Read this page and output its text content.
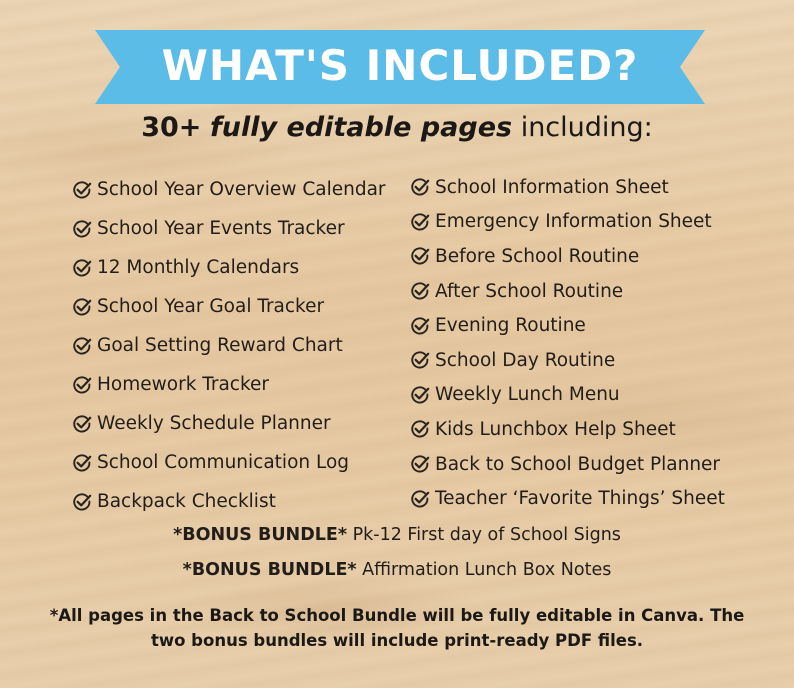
WHAT'S INCLUDED?
30+ fully editable pages including:
School Year Overview Calendar
School Year Events Tracker
12 Monthly Calendars
School Year Goal Tracker
Goal Setting Reward Chart
Homework Tracker
Weekly Schedule Planner
School Communication Log
Backpack Checklist
School Information Sheet
Emergency Information Sheet
Before School Routine
After School Routine
Evening Routine
School Day Routine
Weekly Lunch Menu
Kids Lunchbox Help Sheet
Back to School Budget Planner
Teacher ‘Favorite Things’ Sheet
*BONUS BUNDLE* Pk-12 First day of School Signs
*BONUS BUNDLE* Affirmation Lunch Box Notes
*All pages in the Back to School Bundle will be fully editable in Canva. The
two bonus bundles will include print-ready PDF files.
